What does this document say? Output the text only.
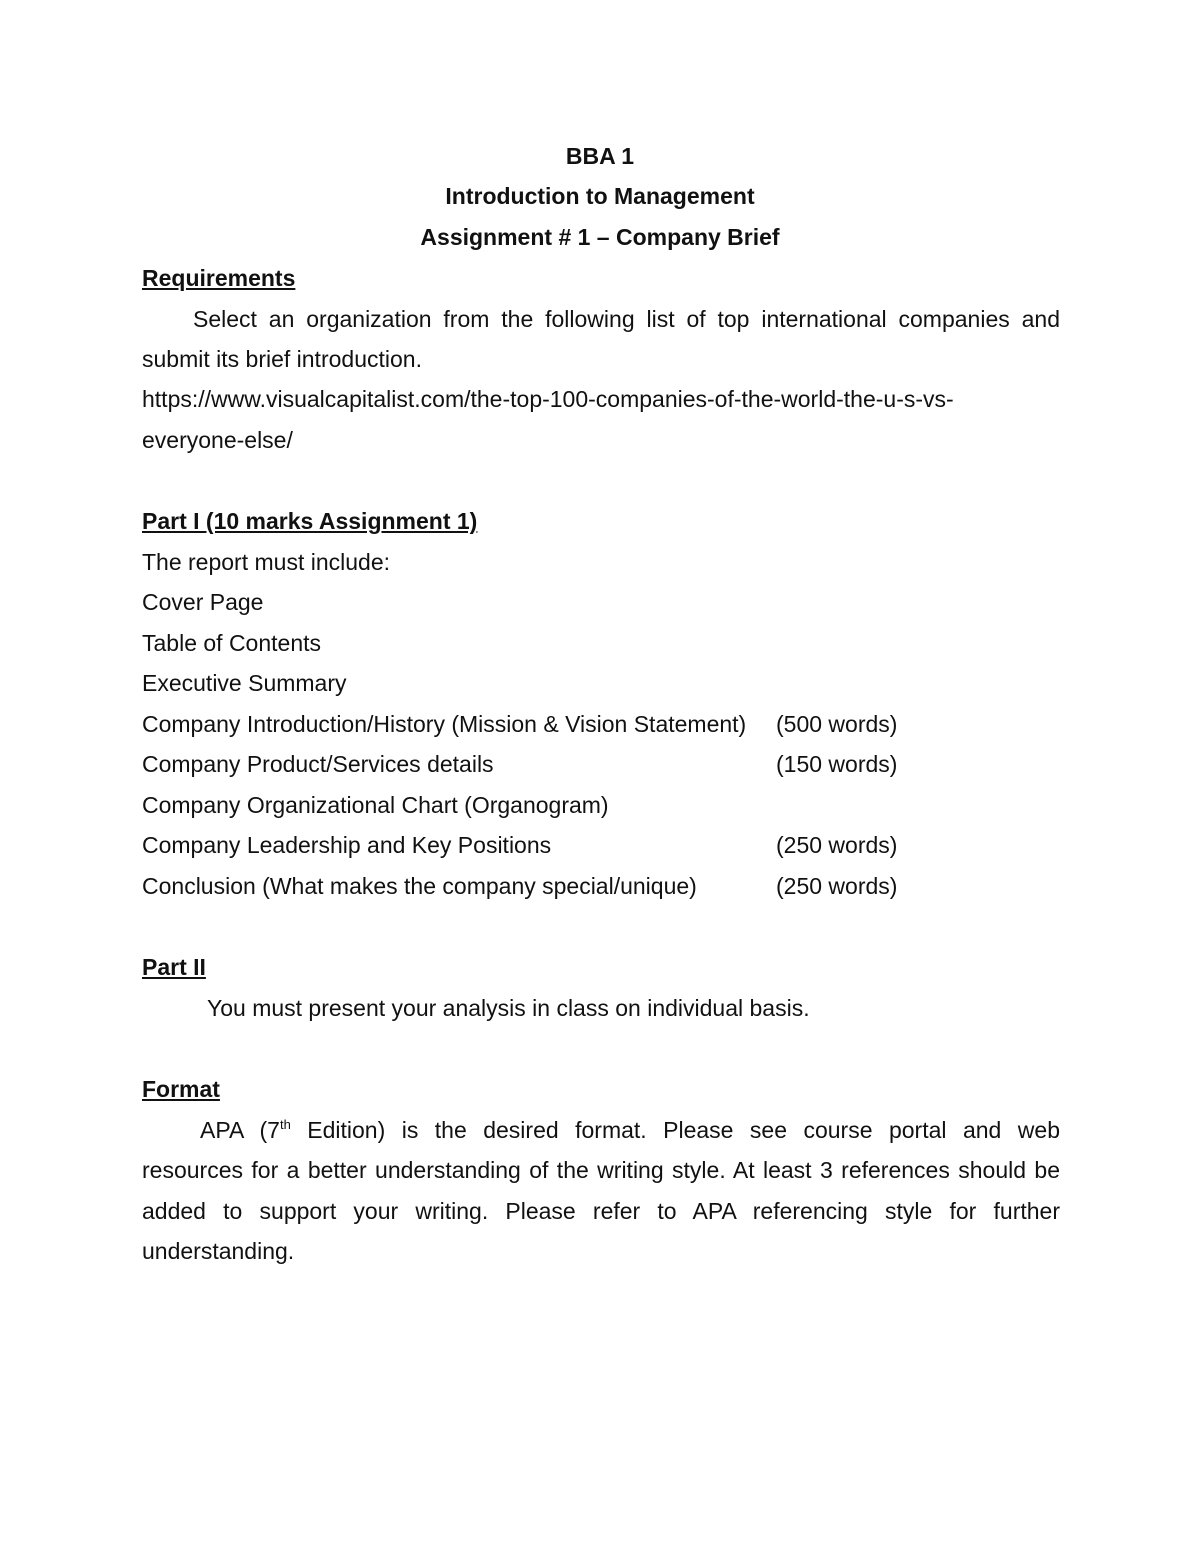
BBA 1
Introduction to Management
Assignment # 1 – Company Brief
Requirements
Select an organization from the following list of top international companies and
submit its brief introduction.
https://www.visualcapitalist.com/the-top-100-companies-of-the-world-the-u-s-vs-
everyone-else/
Part I (10 marks Assignment 1)
The report must include:
Cover Page
Table of Contents
Executive Summary
Company Introduction/History (Mission & Vision Statement) (500 words)
Company Product/Services details	(150 words)
Company Organizational Chart (Organogram)
Company Leadership and Key Positions	(250 words)
Conclusion (What makes the company special/unique)	(250 words)
Part II
You must present your analysis in class on individual basis.
Format
APA (7th Edition) is the desired format. Please see course portal and web
resources for a better understanding of the writing style. At least 3 references should be
added to support your writing. Please refer to APA referencing style for further
understanding.
